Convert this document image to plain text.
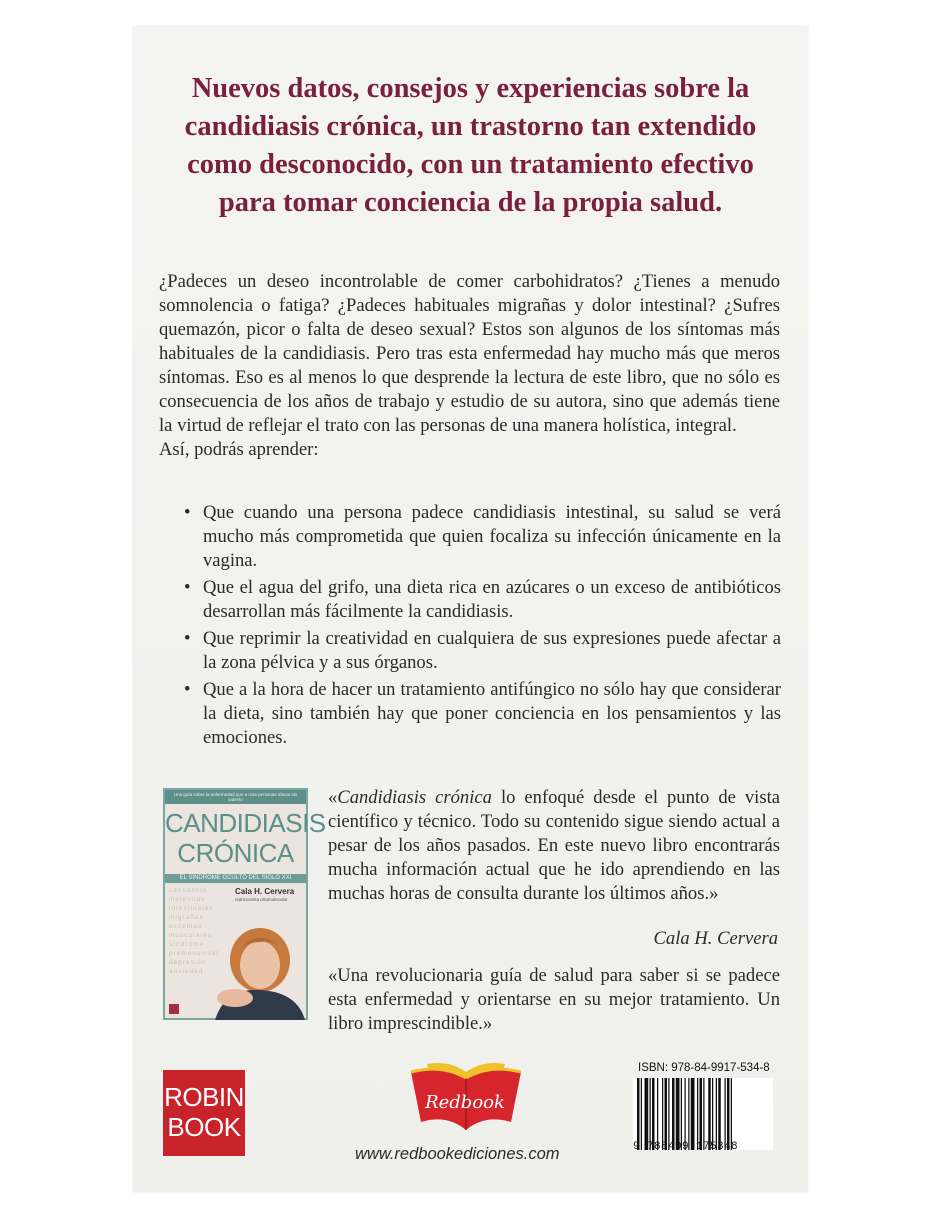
Nuevos datos, consejos y experiencias sobre la
candidiasis crónica, un trastorno tan extendido
como desconocido, con un tratamiento efectivo
para tomar conciencia de la propia salud.

¿Padeces un deseo incontrolable de comer carbohidratos? ¿Tienes a menudo somnolencia o fatiga? ¿Padeces habituales migrañas y dolor intestinal? ¿Sufres quemazón, picor o falta de deseo sexual? Estos son algunos de los síntomas más habituales de la candidiasis. Pero tras esta enfermedad hay mucho más que meros síntomas. Eso es al menos lo que desprende la lectura de este libro, que no sólo es consecuencia de los años de trabajo y estudio de su autora, sino que además tiene la virtud de reflejar el trato con las personas de una manera holística, integral.

Así, podrás aprender:

• Que cuando una persona padece candidiasis intestinal, su salud se verá mucho más comprometida que quien focaliza su infección únicamente en la vagina.
• Que el agua del grifo, una dieta rica en azúcares o un exceso de antibióticos desarrollan más fácilmente la candidiasis.
• Que reprimir la creatividad en cualquiera de sus expresiones puede afectar a la zona pélvica y a sus órganos.
• Que a la hora de hacer un tratamiento antifúngico no sólo hay que considerar la dieta, sino también hay que poner conciencia en los pensamientos y las emociones.
Una guía sobre la enfermedad que a más personas afecta sin saberlo
CANDIDIASIS
CRÓNICA
EL SÍNDROME OCULTO DEL SIGLO XXI
cansancio
molestias
intestinales
migrañas
eczemas
musculares
síndrome
premenstrual
depresión
ansiedad
Cala H. Cervera
nutricionista ortomolecular
«Candidiasis crónica lo enfoqué desde el punto de vista científico y técnico. Todo su contenido sigue siendo actual a pesar de los años pasados. En este nuevo libro encontrarás mucha información actual que he ido aprendiendo en las muchas horas de consulta durante los últimos años.»
Cala H. Cervera
«Una revolucionaria guía de salud para saber si se padece esta enfermedad y orientarse en su mejor tratamiento. Un libro imprescindible.»
ROBIN
BOOK
Redbook
www.redbookediciones.com
ISBN: 978-84-9917-534-8
9 788499 175348
